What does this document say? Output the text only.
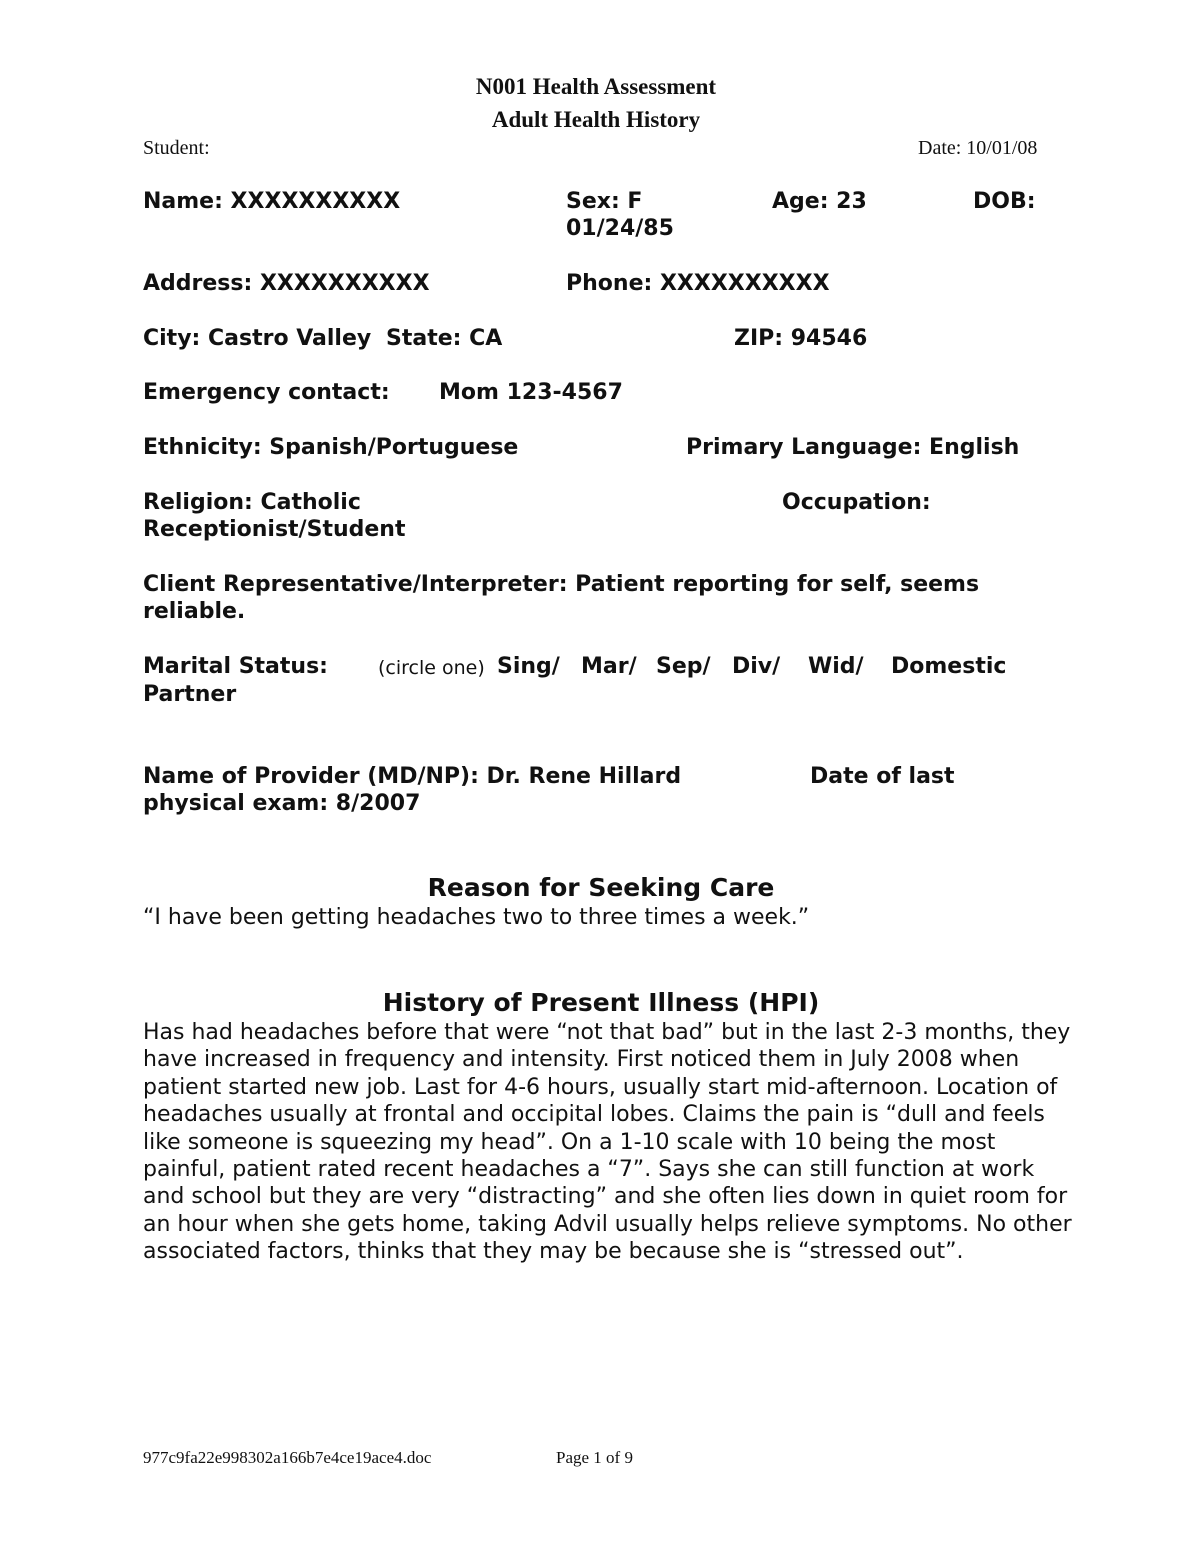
N001 Health Assessment
Adult Health History
Student:	Date: 10/01/08
Name: XXXXXXXXXX	Sex: F	Age: 23	DOB:
01/24/85
Address: XXXXXXXXXX	Phone: XXXXXXXXXX
City: Castro Valley State: CA	ZIP: 94546
Emergency contact: Mom 123-4567
Ethnicity: Spanish/Portuguese	Primary Language: English
Religion: Catholic	Occupation:
Receptionist/Student
Client Representative/Interpreter: Patient reporting for self, seems
reliable.
Marital Status:	(circle one) Sing/ Mar/ Sep/ Div/ Wid/ Domestic
Partner
Name of Provider (MD/NP): Dr. Rene Hillard	Date of last
physical exam: 8/2007
Reason for Seeking Care
“I have been getting headaches two to three times a week.”
History of Present Illness (HPI)
Has had headaches before that were “not that bad” but in the last 2-3 months, they have increased in frequency and intensity. First noticed them in July 2008 when patient started new job. Last for 4-6 hours, usually start mid-afternoon. Location of headaches usually at frontal and occipital lobes. Claims the pain is “dull and feels like someone is squeezing my head”. On a 1-10 scale with 10 being the most painful, patient rated recent headaches a “7”. Says she can still function at work and school but they are very “distracting” and she often lies down in quiet room for an hour when she gets home, taking Advil usually helps relieve symptoms. No other associated factors, thinks that they may be because she is “stressed out”.
977c9fa22e998302a166b7e4ce19ace4.doc	Page 1 of 9
